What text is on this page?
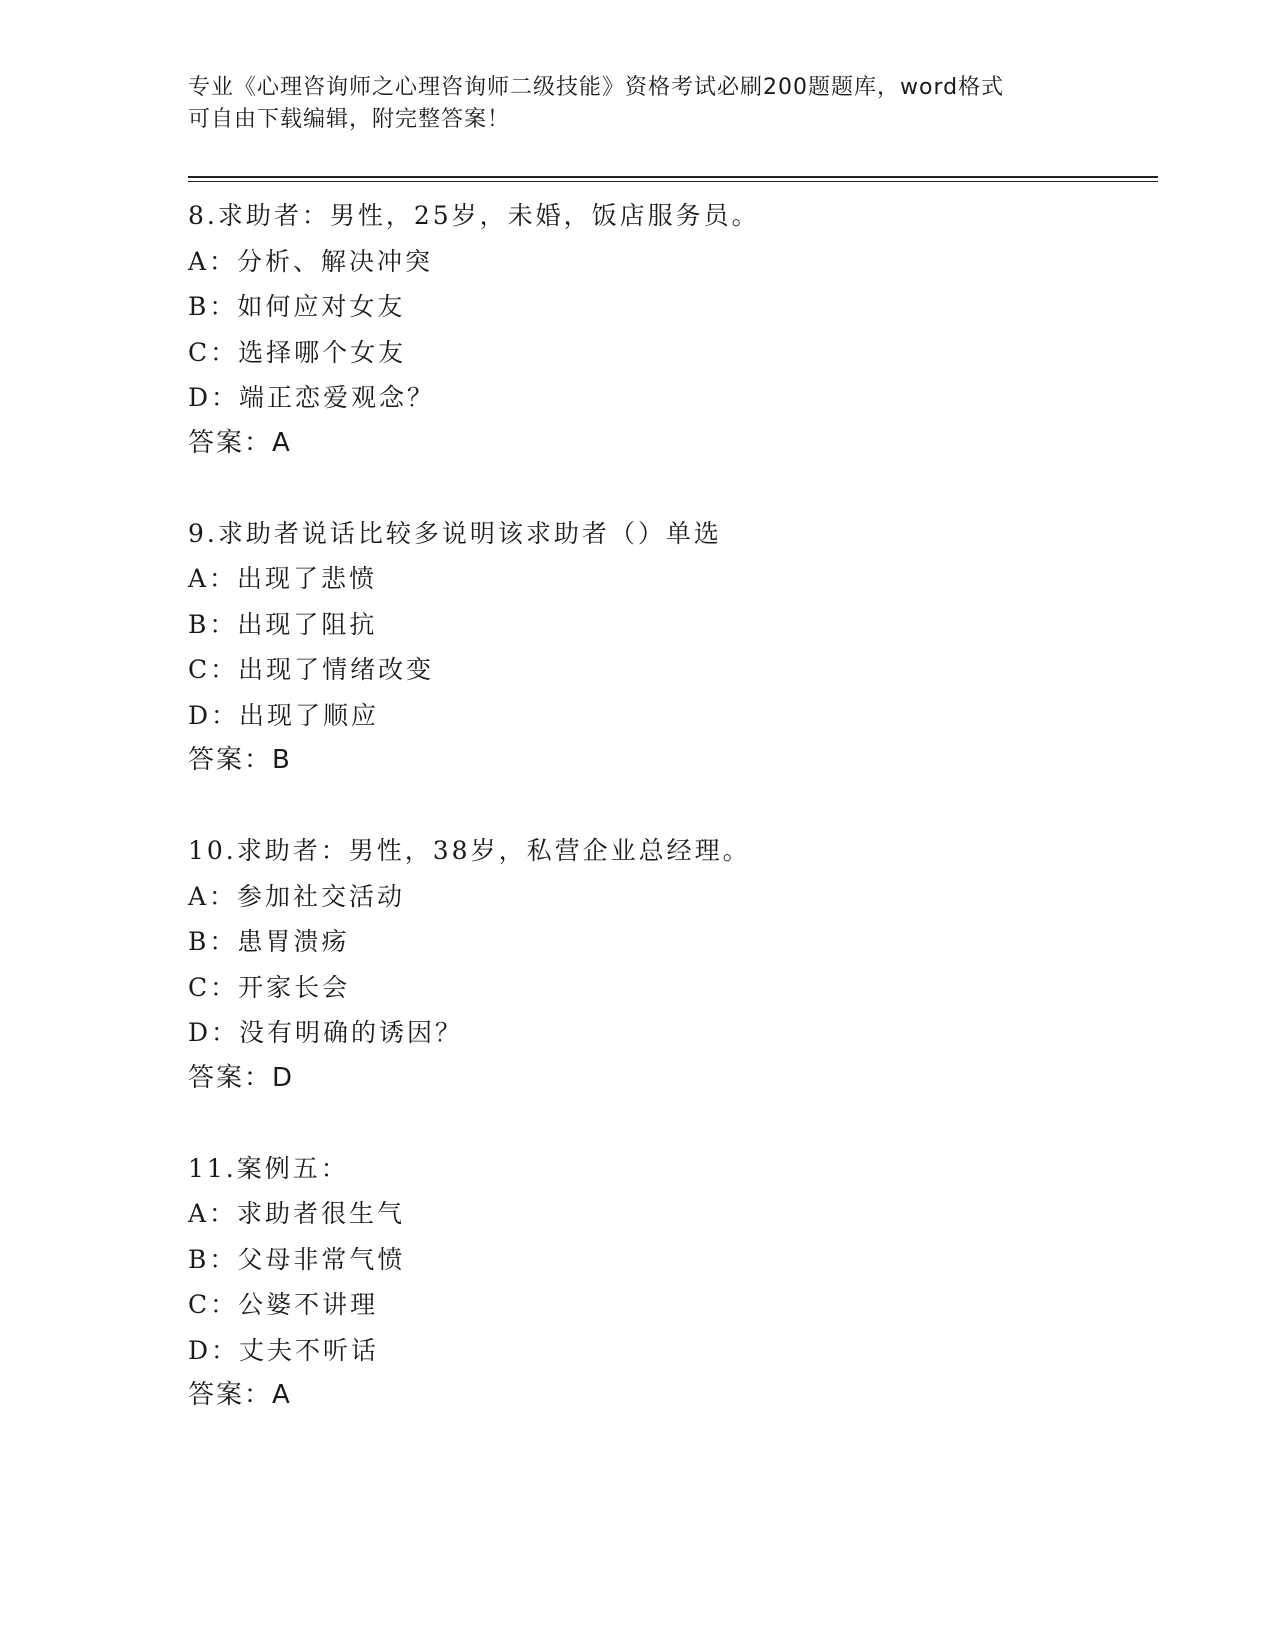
专业《心理咨询师之心理咨询师二级技能》资格考试必刷200题题库，word格式
可自由下载编辑，附完整答案！
8.求助者：男性，25岁，未婚，饭店服务员。
A：分析、解决冲突
B：如何应对女友
C：选择哪个女友
D：端正恋爱观念？
答案：A
9.求助者说话比较多说明该求助者（）单选
A：出现了悲愤
B：出现了阻抗
C：出现了情绪改变
D：出现了顺应
答案：B
10.求助者：男性，38岁，私营企业总经理。
A：参加社交活动
B：患胃溃疡
C：开家长会
D：没有明确的诱因？
答案：D
11.案例五：
A：求助者很生气
B：父母非常气愤
C：公婆不讲理
D：丈夫不听话
答案：A
